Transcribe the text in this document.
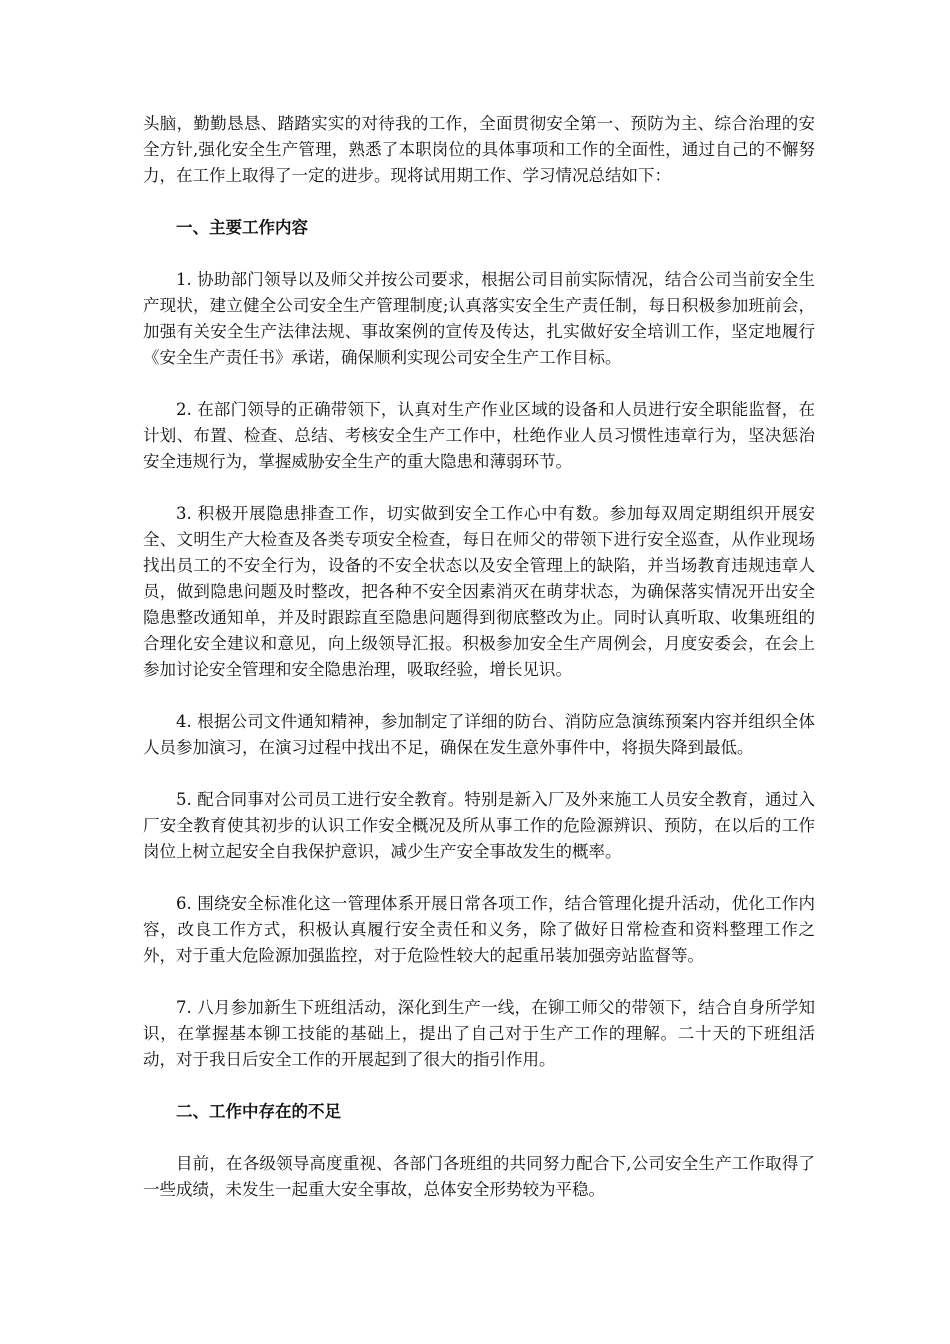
头脑，勤勤恳恳、踏踏实实的对待我的工作，全面贯彻安全第一、预防为主、综合治理的安全方针,强化安全生产管理，熟悉了本职岗位的具体事项和工作的全面性，通过自己的不懈努力，在工作上取得了一定的进步。现将试用期工作、学习情况总结如下：

一、主要工作内容

1. 协助部门领导以及师父并按公司要求，根据公司目前实际情况，结合公司当前安全生产现状，建立健全公司安全生产管理制度;认真落实安全生产责任制，每日积极参加班前会，加强有关安全生产法律法规、事故案例的宣传及传达，扎实做好安全培训工作，坚定地履行《安全生产责任书》承诺，确保顺利实现公司安全生产工作目标。

2. 在部门领导的正确带领下，认真对生产作业区域的设备和人员进行安全职能监督，在计划、布置、检查、总结、考核安全生产工作中，杜绝作业人员习惯性违章行为，坚决惩治安全违规行为，掌握威胁安全生产的重大隐患和薄弱环节。

3. 积极开展隐患排查工作，切实做到安全工作心中有数。参加每双周定期组织开展安全、文明生产大检查及各类专项安全检查，每日在师父的带领下进行安全巡查，从作业现场找出员工的不安全行为，设备的不安全状态以及安全管理上的缺陷，并当场教育违规违章人员，做到隐患问题及时整改，把各种不安全因素消灭在萌芽状态，为确保落实情况开出安全隐患整改通知单，并及时跟踪直至隐患问题得到彻底整改为止。同时认真听取、收集班组的合理化安全建议和意见，向上级领导汇报。积极参加安全生产周例会，月度安委会，在会上参加讨论安全管理和安全隐患治理，吸取经验，增长见识。

4. 根据公司文件通知精神，参加制定了详细的防台、消防应急演练预案内容并组织全体人员参加演习，在演习过程中找出不足，确保在发生意外事件中，将损失降到最低。

5. 配合同事对公司员工进行安全教育。特别是新入厂及外来施工人员安全教育，通过入厂安全教育使其初步的认识工作安全概况及所从事工作的危险源辨识、预防，在以后的工作岗位上树立起安全自我保护意识，减少生产安全事故发生的概率。

6. 围绕安全标准化这一管理体系开展日常各项工作，结合管理化提升活动，优化工作内容，改良工作方式，积极认真履行安全责任和义务，除了做好日常检查和资料整理工作之外，对于重大危险源加强监控，对于危险性较大的起重吊装加强旁站监督等。

7. 八月参加新生下班组活动，深化到生产一线，在铆工师父的带领下，结合自身所学知识，在掌握基本铆工技能的基础上，提出了自己对于生产工作的理解。二十天的下班组活动，对于我日后安全工作的开展起到了很大的指引作用。

二、工作中存在的不足

目前，在各级领导高度重视、各部门各班组的共同努力配合下,公司安全生产工作取得了一些成绩，未发生一起重大安全事故，总体安全形势较为平稳。
